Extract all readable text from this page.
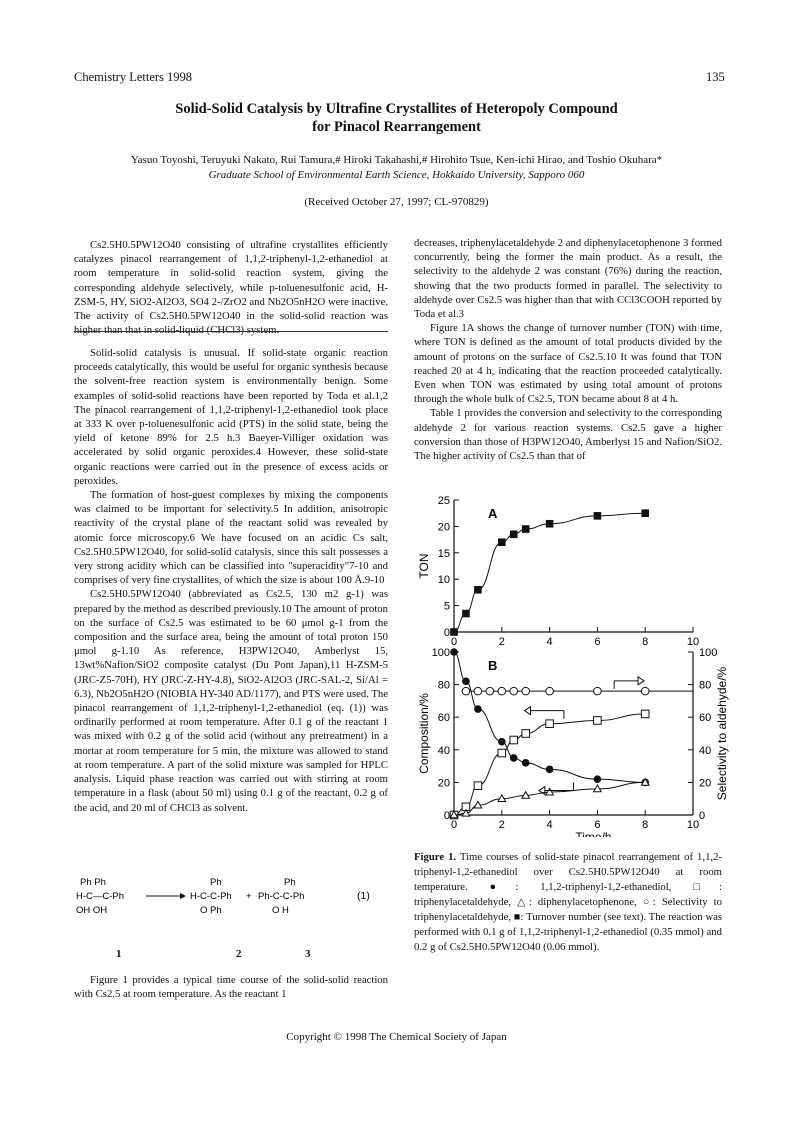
Chemistry Letters 1998	135
Solid-Solid Catalysis by Ultrafine Crystallites of Heteropoly Compound
for Pinacol Rearrangement
Yasuo Toyoshi, Teruyuki Nakato, Rui Tamura,# Hiroki Takahashi,# Hirohito Tsue, Ken-ichi Hirao, and Toshio Okuhara*
Graduate School of Environmental Earth Science, Hokkaido University, Sapporo 060
(Received October 27, 1997; CL-970829)

Cs2.5H0.5PW12O40 consisting of ultrafine crystallites efficiently catalyzes pinacol rearrangement of 1,1,2-triphenyl-1,2-ethanediol at room temperature in solid-solid reaction system, giving the corresponding aldehyde selectively, while p-toluenesulfonic acid, H-ZSM-5, HY, SiO2-Al2O3, SO4 2-/ZrO2 and Nb2O5nH2O were inactive. The activity of Cs2.5H0.5PW12O40 in the solid-solid reaction was higher than that in solid-liquid (CHCl3) system.

Solid-solid catalysis is unusual. If solid-state organic reaction proceeds catalytically, this would be useful for organic synthesis because the solvent-free reaction system is environmentally benign. Some examples of solid-solid reactions have been reported by Toda et al.1,2 The pinacol rearrangement of 1,1,2-triphenyl-1,2-ethanediol took place at 333 K over p-toluenesulfonic acid (PTS) in the solid state, being the yield of ketone 89% for 2.5 h.3 Baeyer-Villiger oxidation was accelerated by solid organic peroxides.4 However, these solid-state organic reactions were carried out in the presence of excess acids or peroxides.

The formation of host-guest complexes by mixing the components was claimed to be important for selectivity.5 In addition, anisotropic reactivity of the crystal plane of the reactant solid was revealed by atomic force microscopy.6 We have focused on an acidic Cs salt, Cs2.5H0.5PW12O40, for solid-solid catalysis, since this salt possesses a very strong acidity which can be classified into "superacidity"7-10 and comprises of very fine crystallites, of which the size is about 100 Å.9-10

Cs2.5H0.5PW12O40 (abbreviated as Cs2.5, 130 m2 g-1) was prepared by the method as described previously.10 The amount of proton on the surface of Cs2.5 was estimated to be 60 μmol g-1 from the composition and the surface area, being the amount of total proton 150 μmol g-1.10 As reference, H3PW12O40, Amberlyst 15, 13wt%Nafion/SiO2 composite catalyst (Du Pont Japan),11 H-ZSM-5 (JRC-Z5-70H), HY (JRC-Z-HY-4.8), SiO2-Al2O3 (JRC-SAL-2, Si/Al = 6.3), Nb2O5nH2O (NIOBIA HY-340 AD/1177), and PTS were used. The pinacol rearrangement of 1,1,2-triphenyl-1,2-ethanediol (eq. (1)) was ordinarily performed at room temperature. After 0.1 g of the reactant 1 was mixed with 0.2 g of the solid acid (without any pretreatment) in a mortar at room temperature for 5 min, the mixture was allowed to stand at room temperature. A part of the solid mixture was sampled for HPLC analysis. Liquid phase reaction was carried out with stirring at room temperature in a flask (about 50 ml) using 0.1 g of the reactant, 0.2 g of the acid, and 20 ml of CHCl3 as solvent.

Ph Ph
H-C—C-Ph
OH OH
Ph
H-C-C-Ph
O Ph
+
Ph
Ph-C-C-Ph
O H
(1)
1	2	3

Figure 1 provides a typical time course of the solid-solid reaction with Cs2.5 at room temperature. As the reactant 1

decreases, triphenylacetaldehyde 2 and diphenylacetophenone 3 formed concurrently, being the former the main product. As a result, the selectivity to the aldehyde 2 was constant (76%) during the reaction, showing that the two products formed in parallel. The selectivity to aldehyde over Cs2.5 was higher than that with CCl3COOH reported by Toda et al.3

Figure 1A shows the change of turnover number (TON) with time, where TON is defined as the amount of total products divided by the amount of protons on the surface of Cs2.5.10 It was found that TON reached 20 at 4 h, indicating that the reaction proceeded catalytically. Even when TON was estimated by using total amount of protons through the whole bulk of Cs2.5, TON became about 8 at 4 h.

Table 1 provides the conversion and selectivity to the corresponding aldehyde 2 for various reaction systems. Cs2.5 gave a higher conversion than those of H3PW12O40, Amberlyst 15 and Nafion/SiO2. The higher activity of Cs2.5 than that of

0
5
10
15
20
25
0	2	4	6	8	10
A
TON
0
20
40
60
80
100
0
20
40
60
80
100
0	2	4	6	8	10
B
Composition/%	Selectivity to aldehyde/%
Time/h
Figure 1. Time courses of solid-state pinacol rearrangement of 1,1,2-triphenyl-1,2-ethanediol over Cs2.5H0.5PW12O40 at room temperature. ●: 1,1,2-triphenyl-1,2-ethanediol, □: triphenylacetaldehyde, △: diphenylacetophenone, ○: Selectivity to triphenylacetaldehyde, ■: Turnover number (see text). The reaction was performed with 0.1 g of 1,1,2-triphenyl-1,2-ethanediol (0.35 mmol) and 0.2 g of Cs2.5H0.5PW12O40 (0.06 mmol).
Copyright © 1998 The Chemical Society of Japan
